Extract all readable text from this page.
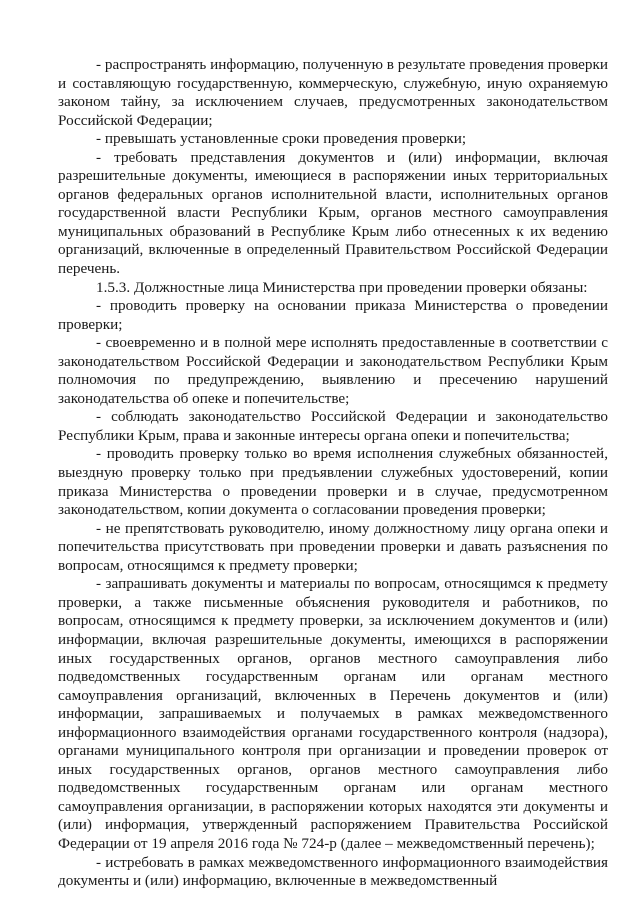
- распространять информацию, полученную в результате проведения проверки и составляющую государственную, коммерческую, служебную, иную охраняемую законом тайну, за исключением случаев, предусмотренных законодательством Российской Федерации;

- превышать установленные сроки проведения проверки;

- требовать представления документов и (или) информации, включая разрешительные документы, имеющиеся в распоряжении иных территориальных органов федеральных органов исполнительной власти, исполнительных органов государственной власти Республики Крым, органов местного самоуправления муниципальных образований в Республике Крым либо отнесенных к их ведению организаций, включенные в определенный Правительством Российской Федерации перечень.

1.5.3. Должностные лица Министерства при проведении проверки обязаны:

- проводить проверку на основании приказа Министерства о проведении проверки;

- своевременно и в полной мере исполнять предоставленные в соответствии с законодательством Российской Федерации и законодательством Республики Крым полномочия по предупреждению, выявлению и пресечению нарушений законодательства об опеке и попечительстве;

- соблюдать законодательство Российской Федерации и законодательство Республики Крым, права и законные интересы органа опеки и попечительства;

- проводить проверку только во время исполнения служебных обязанностей, выездную проверку только при предъявлении служебных удостоверений, копии приказа Министерства о проведении проверки и в случае, предусмотренном законодательством, копии документа о согласовании проведения проверки;

- не препятствовать руководителю, иному должностному лицу органа опеки и попечительства присутствовать при проведении проверки и давать разъяснения по вопросам, относящимся к предмету проверки;

- запрашивать документы и материалы по вопросам, относящимся к предмету проверки, а также письменные объяснения руководителя и работников, по вопросам, относящимся к предмету проверки, за исключением документов и (или) информации, включая разрешительные документы, имеющихся в распоряжении иных государственных органов, органов местного самоуправления либо подведомственных государственным органам или органам местного самоуправления организаций, включенных в Перечень документов и (или) информации, запрашиваемых и получаемых в рамках межведомственного информационного взаимодействия органами государственного контроля (надзора), органами муниципального контроля при организации и проведении проверок от иных государственных органов, органов местного самоуправления либо подведомственных государственным органам или органам местного самоуправления организации, в распоряжении которых находятся эти документы и (или) информация, утвержденный распоряжением Правительства Российской Федерации от 19 апреля 2016 года № 724-р (далее – межведомственный перечень);

- истребовать в рамках межведомственного информационного взаимодействия документы и (или) информацию, включенные в межведомственный
